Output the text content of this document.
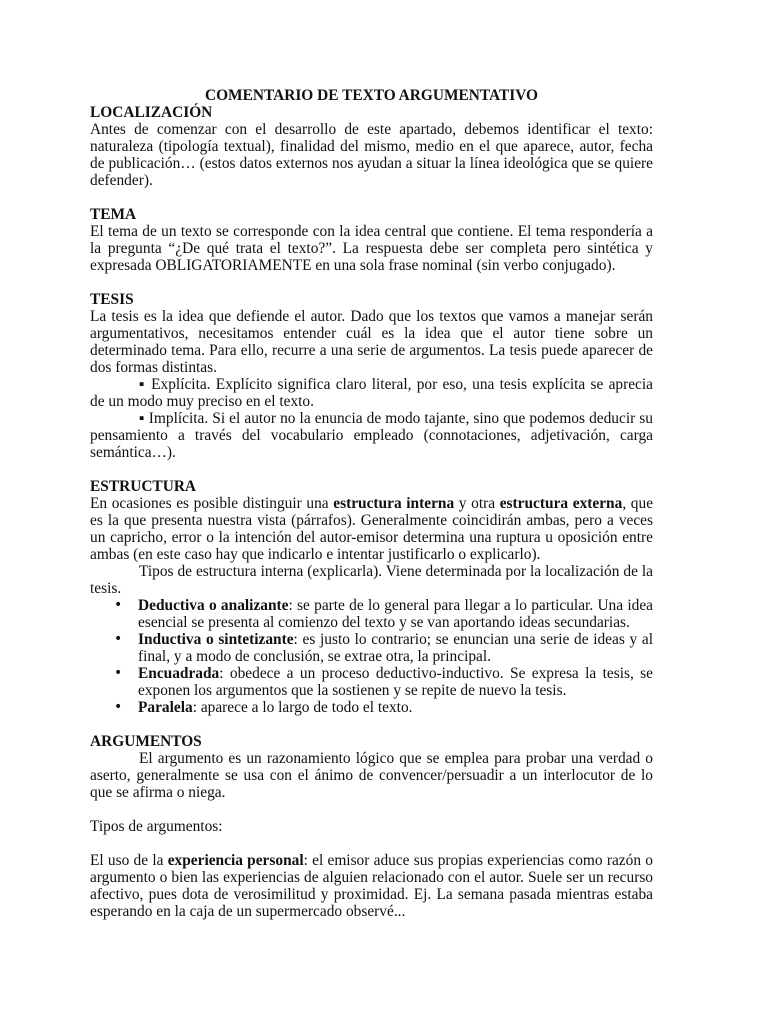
COMENTARIO DE TEXTO ARGUMENTATIVO

LOCALIZACIÓN

Antes de comenzar con el desarrollo de este apartado, debemos identificar el texto: naturaleza (tipología textual), finalidad del mismo, medio en el que aparece, autor, fecha de publicación… (estos datos externos nos ayudan a situar la línea ideológica que se quiere defender).

TEMA

El tema de un texto se corresponde con la idea central que contiene. El tema respondería a la pregunta “¿De qué trata el texto?”. La respuesta debe ser completa pero sintética y expresada OBLIGATORIAMENTE en una sola frase nominal (sin verbo conjugado).

TESIS

La tesis es la idea que defiende el autor. Dado que los textos que vamos a manejar serán argumentativos, necesitamos entender cuál es la idea que el autor tiene sobre un determinado tema. Para ello, recurre a una serie de argumentos. La tesis puede aparecer de dos formas distintas.

▪ Explícita. Explícito significa claro literal, por eso, una tesis explícita se aprecia de un modo muy preciso en el texto.

▪ Implícita. Si el autor no la enuncia de modo tajante, sino que podemos deducir su pensamiento a través del vocabulario empleado (connotaciones, adjetivación, carga semántica…).

ESTRUCTURA

En ocasiones es posible distinguir una estructura interna y otra estructura externa, que es la que presenta nuestra vista (párrafos). Generalmente coincidirán ambas, pero a veces un capricho, error o la intención del autor-emisor determina una ruptura u oposición entre ambas (en este caso hay que indicarlo e intentar justificarlo o explicarlo).

Tipos de estructura interna (explicarla). Viene determinada por la localización de la tesis.

• Deductiva o analizante: se parte de lo general para llegar a lo particular. Una idea esencial se presenta al comienzo del texto y se van aportando ideas secundarias.
• Inductiva o sintetizante: es justo lo contrario; se enuncian una serie de ideas y al final, y a modo de conclusión, se extrae otra, la principal.
• Encuadrada: obedece a un proceso deductivo-inductivo. Se expresa la tesis, se exponen los argumentos que la sostienen y se repite de nuevo la tesis.
• Paralela: aparece a lo largo de todo el texto.
ARGUMENTOS

El argumento es un razonamiento lógico que se emplea para probar una verdad o aserto, generalmente se usa con el ánimo de convencer/persuadir a un interlocutor de lo que se afirma o niega.

Tipos de argumentos:

El uso de la experiencia personal: el emisor aduce sus propias experiencias como razón o argumento o bien las experiencias de alguien relacionado con el autor. Suele ser un recurso afectivo, pues dota de verosimilitud y proximidad. Ej. La semana pasada mientras estaba esperando en la caja de un supermercado observé...
